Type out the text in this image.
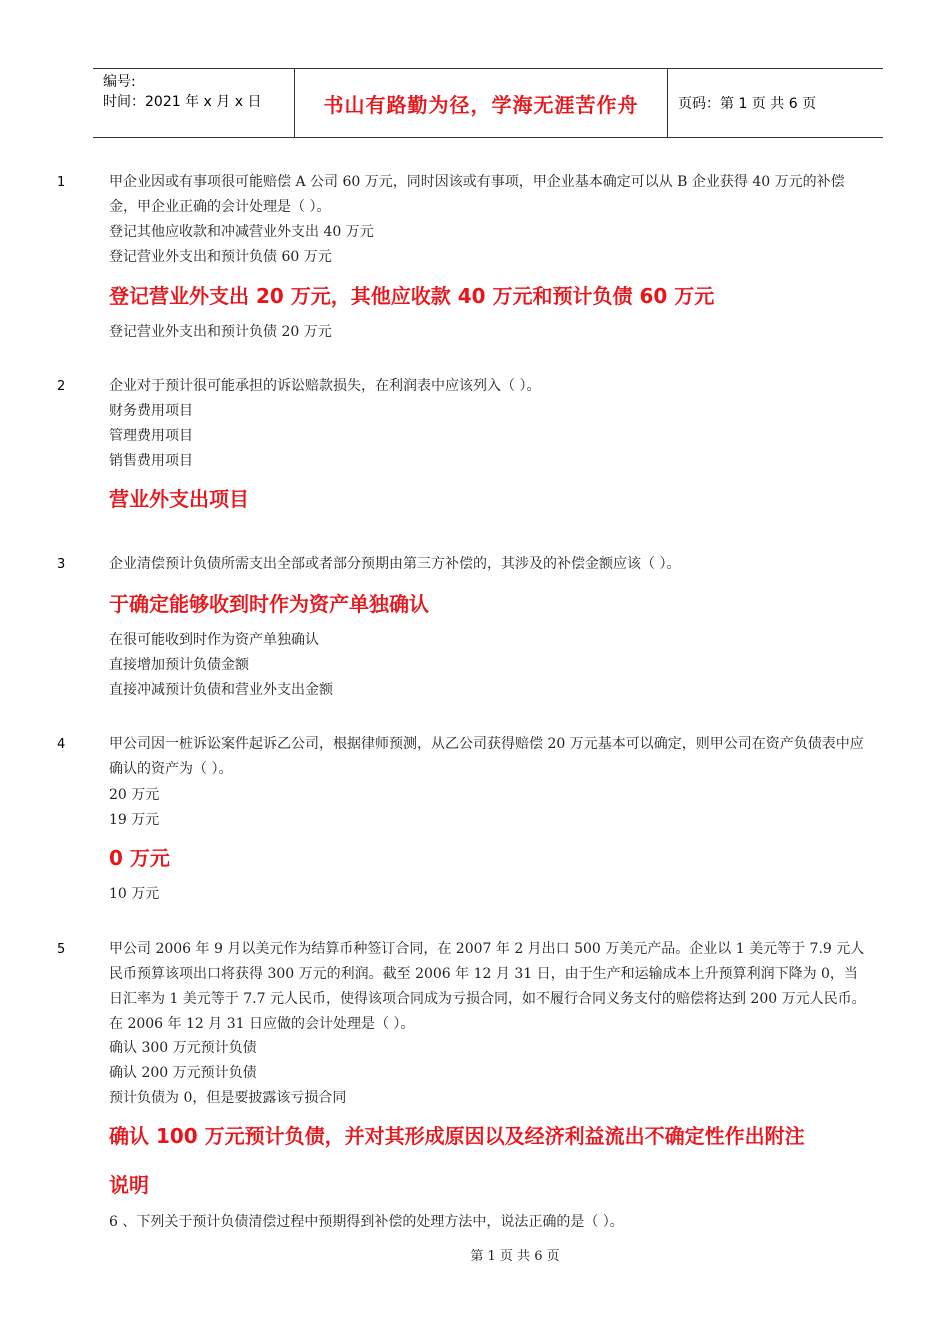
编号:
时间：2021 年 x 月 x 日	书山有路勤为径，学海无涯苦作舟	页码：第 1 页 共 6 页
1	甲企业因或有事项很可能赔偿 A 公司 60 万元，同时因该或有事项，甲企业基本确定可以从 B 企业获得 40 万元的补偿金，甲企业正确的会计处理是（ ）。
登记其他应收款和冲减营业外支出 40 万元
登记营业外支出和预计负债 60 万元
登记营业外支出 20 万元，其他应收款 40 万元和预计负债 60 万元
登记营业外支出和预计负债 20 万元
2	企业对于预计很可能承担的诉讼赔款损失，在利润表中应该列入（ ）。
财务费用项目
管理费用项目
销售费用项目
营业外支出项目
3	企业清偿预计负债所需支出全部或者部分预期由第三方补偿的，其涉及的补偿金额应该（ ）。
于确定能够收到时作为资产单独确认
在很可能收到时作为资产单独确认
直接增加预计负债金额
直接冲减预计负债和营业外支出金额
4	甲公司因一桩诉讼案件起诉乙公司，根据律师预测，从乙公司获得赔偿 20 万元基本可以确定，则甲公司在资产负债表中应确认的资产为（ ）。
20 万元
19 万元
0 万元
10 万元
5	甲公司 2006 年 9 月以美元作为结算币种签订合同，在 2007 年 2 月出口 500 万美元产品。企业以 1 美元等于 7.9 元人民币预算该项出口将获得 300 万元的利润。截至 2006 年 12 月 31 日，由于生产和运输成本上升预算利润下降为 0，当日汇率为 1 美元等于 7.7 元人民币，使得该项合同成为亏损合同，如不履行合同义务支付的赔偿将达到 200 万元人民币。在 2006 年 12 月 31 日应做的会计处理是（ ）。
确认 300 万元预计负债
确认 200 万元预计负债
预计负债为 0，但是要披露该亏损合同
确认 100 万元预计负债，并对其形成原因以及经济利益流出不确定性作出附注
说明
6 、下列关于预计负债清偿过程中预期得到补偿的处理方法中，说法正确的是（ ）。
第 1 页 共 6 页
